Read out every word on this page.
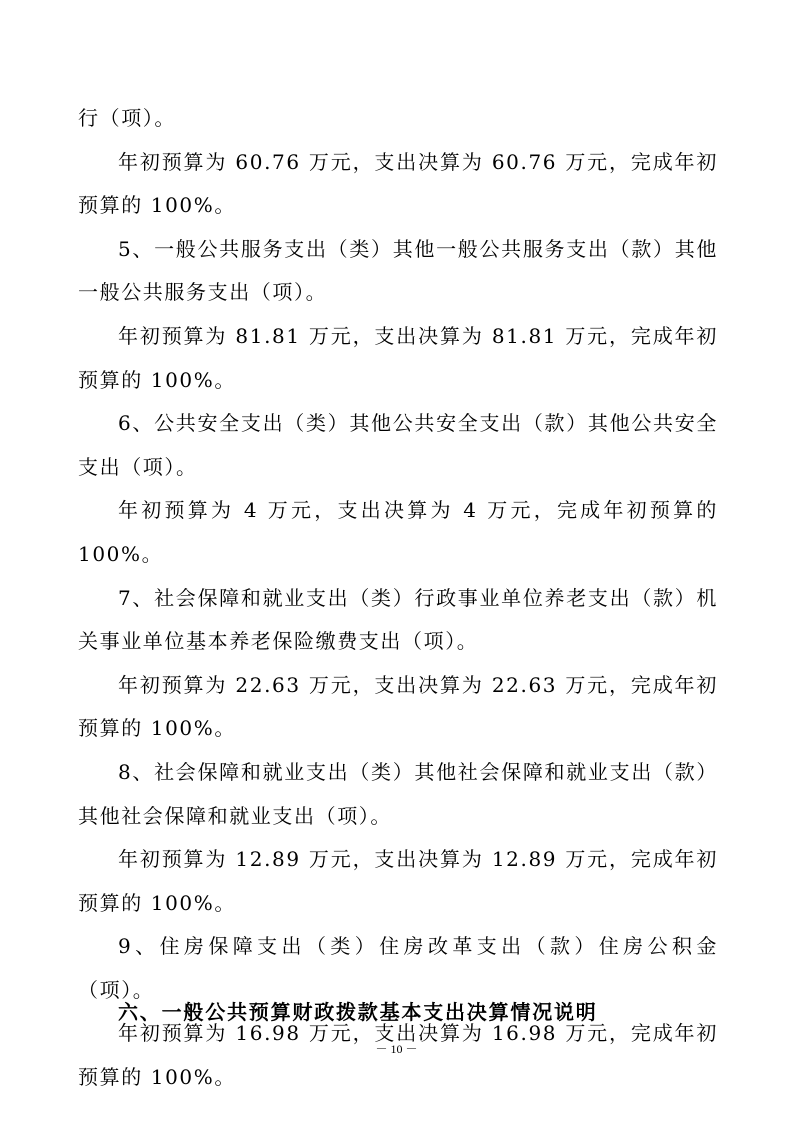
行（项）。

年初预算为 60.76 万元，支出决算为 60.76 万元，完成年初预算的 100%。

5、一般公共服务支出（类）其他一般公共服务支出（款）其他一般公共服务支出（项）。

年初预算为 81.81 万元，支出决算为 81.81 万元，完成年初预算的 100%。

6、公共安全支出（类）其他公共安全支出（款）其他公共安全支出（项）。

年初预算为 4 万元，支出决算为 4 万元，完成年初预算的 100%。

7、社会保障和就业支出（类）行政事业单位养老支出（款）机关事业单位基本养老保险缴费支出（项）。

年初预算为 22.63 万元，支出决算为 22.63 万元，完成年初预算的 100%。

8、社会保障和就业支出（类）其他社会保障和就业支出（款）其他社会保障和就业支出（项）。

年初预算为 12.89 万元，支出决算为 12.89 万元，完成年初预算的 100%。

9、住房保障支出（类）住房改革支出（款）住房公积金（项）。

年初预算为 16.98 万元，支出决算为 16.98 万元，完成年初预算的 100%。

六、一般公共预算财政拨款基本支出决算情况说明
－ 10 －
